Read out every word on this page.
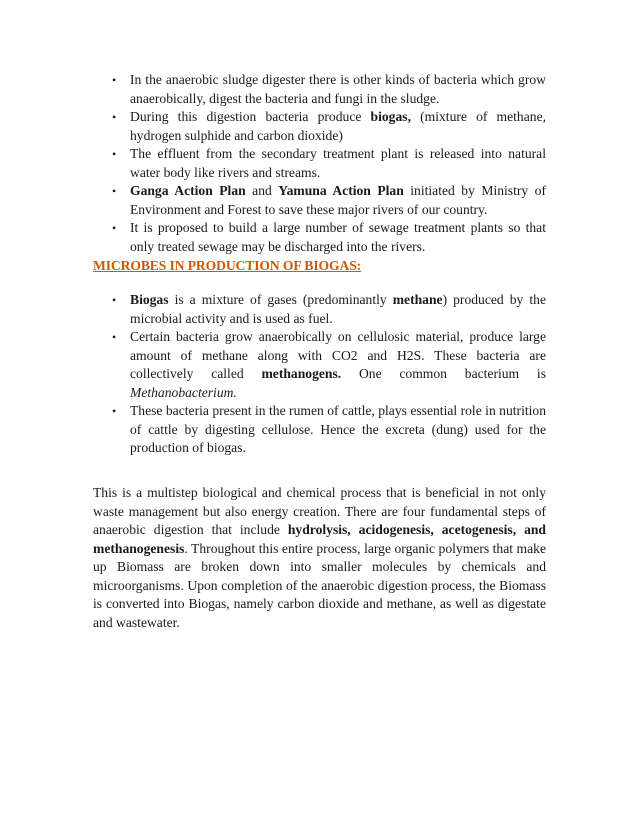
• In the anaerobic sludge digester there is other kinds of bacteria which grow anaerobically, digest the bacteria and fungi in the sludge.
• During this digestion bacteria produce biogas, (mixture of methane, hydrogen sulphide and carbon dioxide)
• The effluent from the secondary treatment plant is released into natural water body like rivers and streams.
• Ganga Action Plan and Yamuna Action Plan initiated by Ministry of Environment and Forest to save these major rivers of our country.
• It is proposed to build a large number of sewage treatment plants so that only treated sewage may be discharged into the rivers.
MICROBES IN PRODUCTION OF BIOGAS:
• Biogas is a mixture of gases (predominantly methane) produced by the microbial activity and is used as fuel.
• Certain bacteria grow anaerobically on cellulosic material, produce large amount of methane along with CO2 and H2S. These bacteria are collectively called methanogens. One common bacterium is Methanobacterium.
• These bacteria present in the rumen of cattle, plays essential role in nutrition of cattle by digesting cellulose. Hence the excreta (dung) used for the production of biogas.

This is a multistep biological and chemical process that is beneficial in not only waste management but also energy creation. There are four fundamental steps of anaerobic digestion that include hydrolysis, acidogenesis, acetogenesis, and methanogenesis. Throughout this entire process, large organic polymers that make up Biomass are broken down into smaller molecules by chemicals and microorganisms. Upon completion of the anaerobic digestion process, the Biomass is converted into Biogas, namely carbon dioxide and methane, as well as digestate and wastewater.
